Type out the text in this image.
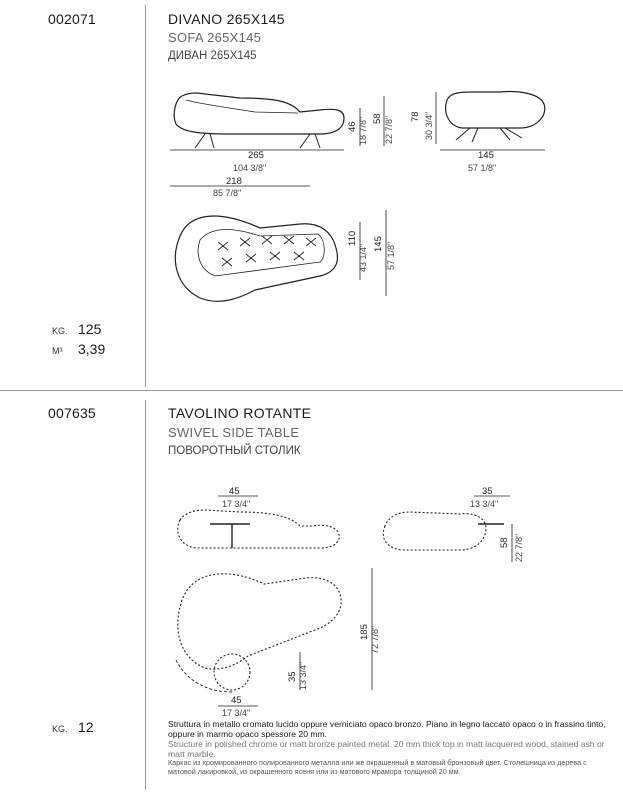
002071	DIVANO 265X145
SOFA 265X145
ДИВАН 265X145
KG. 125
M³ 3,39
265
104 3/8"
218
85 7/8"
46 18 7/8" 58 22 7/8" 78 30 3/4"
145
57 1/8"
110
43 1/4" 145 57 1/8"
45
17 3/4"
35
13 3/4"
58 22 7/8"
185 72 7/8"
35 13 3/4"
45
17 3/4"
007635	TAVOLINO ROTANTE
SWIVEL SIDE TABLE
ПОВОРОТНЫЙ СТОЛИК
KG. 12	Struttura in metallo cromato lucido oppure verniciato opaco bronzo. Piano in legno laccato opaco o in frassino tinto, oppure in marmo opaco spessore 20 mm.
Structure in polished chrome or matt bronze painted metal. 20 mm thick top in matt lacquered wood, stained ash or matt marble.
Каркас из хромированного полированного металла или же окрашенный в матовый бронзовый цвет. Столешница из дерева с матовой лакировкой, из окрашенного ясеня или из матового мрамора толщиной 20 мм.
